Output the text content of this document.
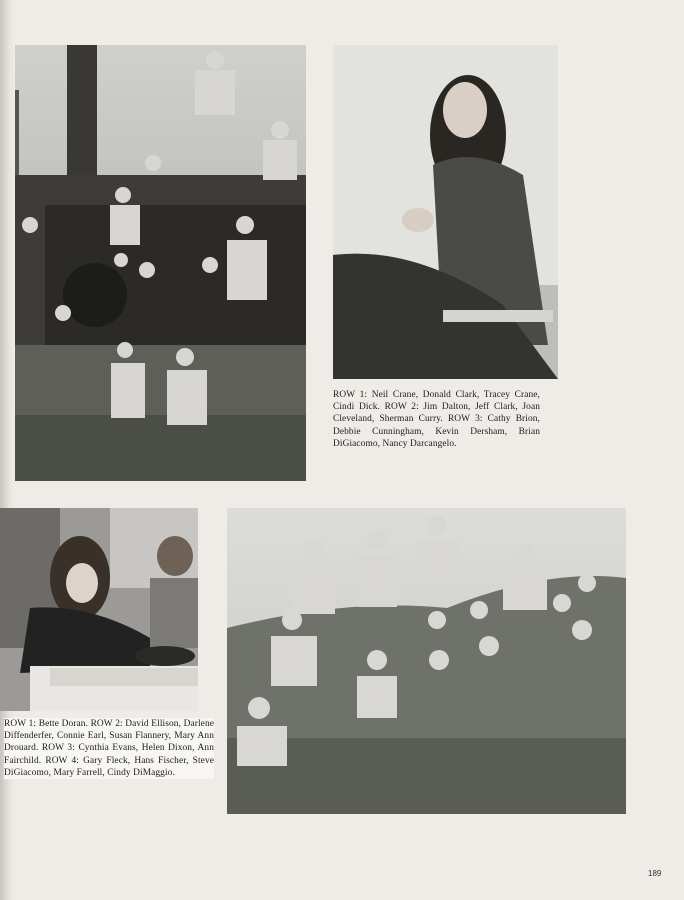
ROW 1: Neil Crane, Donald Clark, Tracey Crane, Cindi Dick. ROW 2: Jim Dalton, Jeff Clark, Joan Cleveland, Sherman Curry. ROW 3: Cathy Brion, Debbie Cunningham, Kevin Dersham, Brian DiGiacomo, Nancy Darcangelo.

ROW 1: Bette Doran. ROW 2: David Ellison, Darlene Diffenderfer, Connie Earl, Susan Flannery, Mary Ann Drouard. ROW 3: Cynthia Evans, Helen Dixon, Ann Fairchild. ROW 4: Gary Fleck, Hans Fischer, Steve DiGiacomo, Mary Farrell, Cindy DiMaggio.

189
